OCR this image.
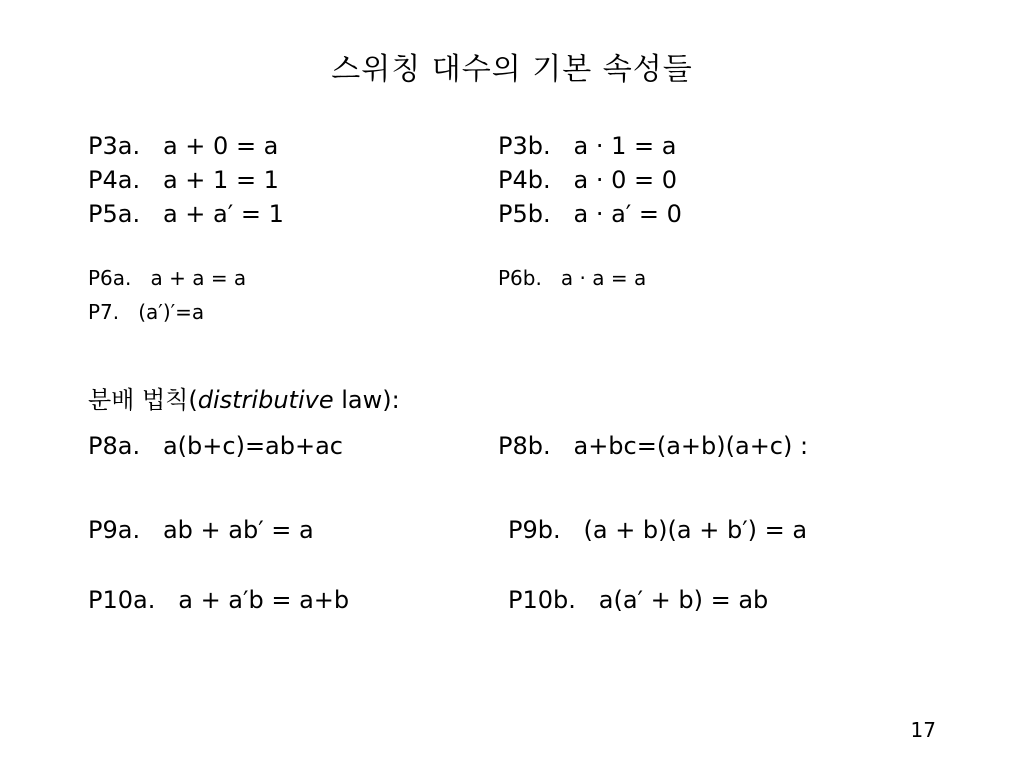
스위칭 대수의 기본 속성들
P3a.   a + 0 = a	P3b.   a · 1 = a
P4a.   a + 1 = 1	P4b.   a · 0 = 0
P5a.   a + a′ = 1	P5b.   a · a′ = 0
P6a.   a + a = a	P6b.   a · a = a
P7.   (a′)′=a
분배 법칙(distributive law):
P8a.   a(b+c)=ab+ac	P8b.   a+bc=(a+b)(a+c) :
P9a.   ab + ab′ = a	P9b.   (a + b)(a + b′) = a
P10a.   a + a′b = a+b	P10b.   a(a′ + b) = ab
17
